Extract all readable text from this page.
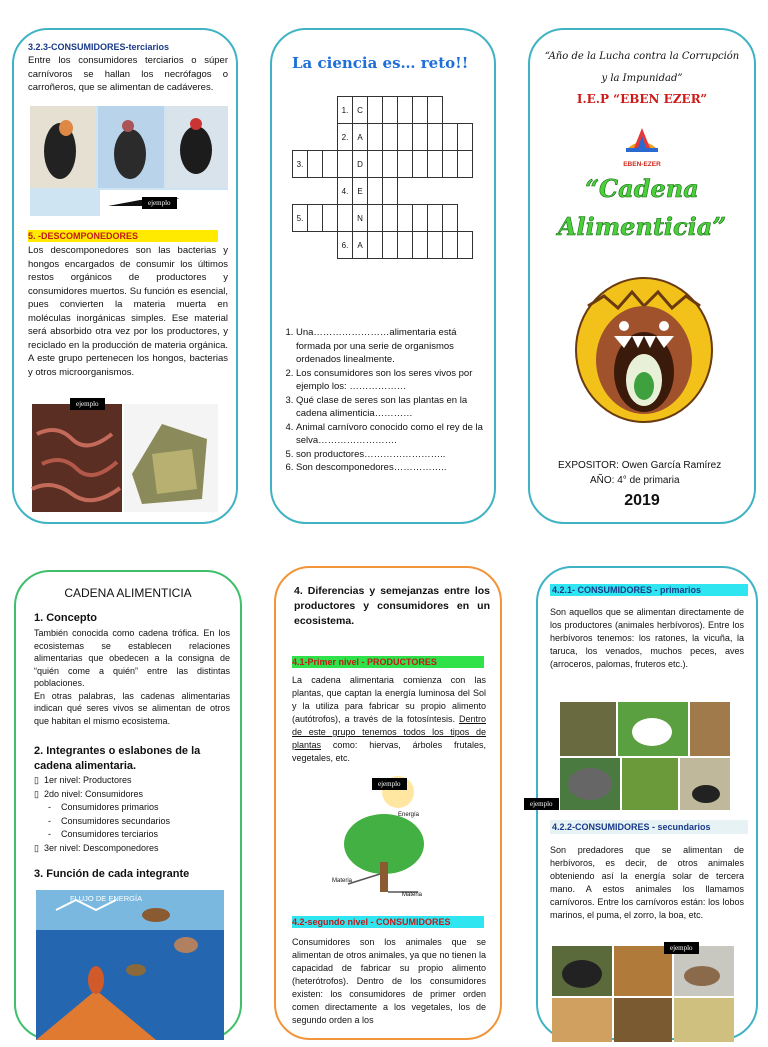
3.2.3-CONSUMIDORES-terciarios
Entre los consumidores terciarios o súper carnívoros se hallan los necrófagos o carroñeros, que se alimentan de cadáveres.
ejemplo
5. -DESCOMPONEDORES
Los descomponedores son las bacterias y hongos encargados de consumir los últimos restos orgánicos de productores y consumidores muertos. Su función es esencial, pues convierten la materia muerta en moléculas inorgánicas simples. Ese material será absorbido otra vez por los productores, y reciclado en la producción de materia orgánica. A este grupo pertenecen los hongos, bacterias y otros microorganismos.
ejemplo
La ciencia es… reto!!
			1.	C							
			2.	A							
3.				D							
			4.	E							
5.				N							
			6.	A							
1. Una……………………alimentaria está formada por una serie de organismos ordenados linealmente.
2. Los consumidores son los seres vivos por ejemplo los: ………………
3. Qué clase de seres son las plantas en la cadena alimenticia…………
4. Animal carnívoro conocido como el rey de la selva…………………….
5. son productores……………………..
6. Son descomponedores……………..
“Año de la Lucha contra la Corrupción
y la Impunidad”
I.E.P “EBEN EZER”
EBEN-EZER
“Cadena
Alimenticia”
EXPOSITOR: Owen García Ramírez
AÑO: 4° de primaria
2019
CADENA ALIMENTICIA
1. Concepto
También conocida como cadena trófica. En los ecosistemas se establecen relaciones alimentarias que obedecen a la consigna de “quién come a quién” entre las distintas poblaciones.
En otras palabras, las cadenas alimentarias indican qué seres vivos se alimentan de otros que habitan el mismo ecosistema.
2. Integrantes o eslabones de la cadena alimentaria.
▯  1er nivel: Productores
▯  2do nivel: Consumidores
-    Consumidores primarios
-    Consumidores secundarios
-    Consumidores terciarios
▯  3er nivel: Descomponedores
3. Función de cada integrante
FLUJO DE ENERGÍA
4. Diferencias y semejanzas entre los productores y consumidores en un ecosistema.
4.1-Primer nivel - PRODUCTORES
La cadena alimentaria comienza con las plantas, que captan la energía luminosa del Sol y la utiliza para fabricar su propio alimento (autótrofos), a través de la fotosíntesis. Dentro de este grupo tenemos todos los tipos de plantas como: hiervas, árboles frutales, vegetales, etc.
Energía
Materia
Materia
ejemplo
4.2-segundo nivel - CONSUMIDORES
Consumidores son los animales que se alimentan de otros animales, ya que no tienen la capacidad de fabricar su propio alimento (heterótrofos). Dentro de los consumidores existen: los consumidores de primer orden comen directamente a los vegetales, los de segundo orden a los
4.2.1- CONSUMIDORES - primarios
Son aquellos que se alimentan directamente de los productores (animales herbívoros). Entre los herbívoros tenemos: los ratones, la vicuña, la taruca, los venados, muchos peces, aves (arroceros, palomas, fruteros etc.).
ejemplo
4.2.2-CONSUMIDORES - secundarios
Son predadores que se alimentan de herbívoros, es decir, de otros animales obteniendo así la energía solar de tercera mano. A estos animales los llamamos carnívoros. Entre los carnívoros están: los lobos marinos, el puma, el zorro, la boa, etc.
ejemplo
